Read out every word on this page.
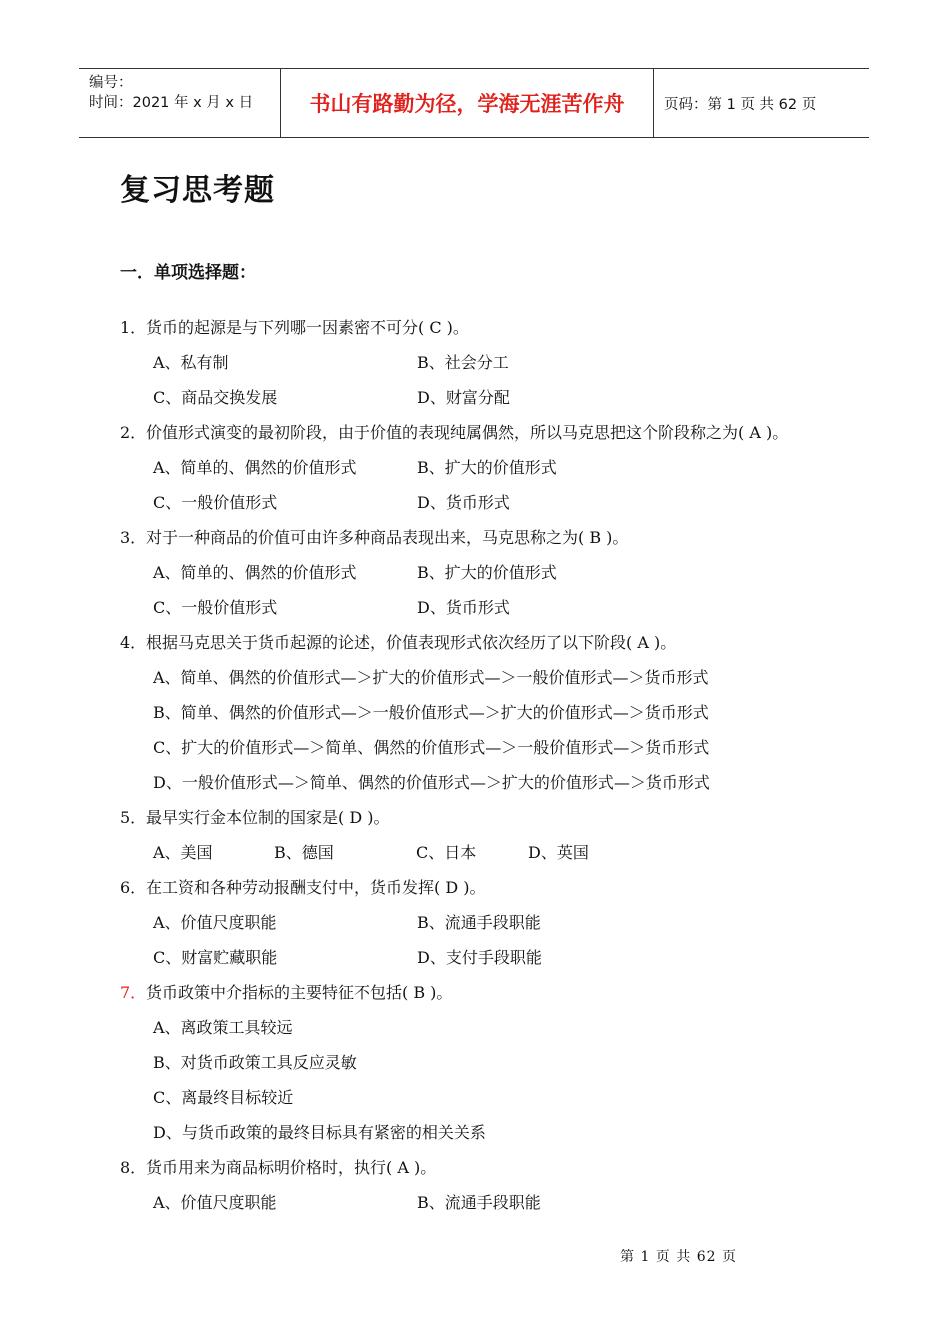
编号：
时间：2021 年 x 月 x 日	书山有路勤为径，学海无涯苦作舟	页码：第 1 页 共 62 页
复习思考题
一．单项选择题：
1．货币的起源是与下列哪一因素密不可分( C )。
A、私有制	B、社会分工
C、商品交换发展	D、财富分配
2．价值形式演变的最初阶段，由于价值的表现纯属偶然，所以马克思把这个阶段称之为( A )。
A、简单的、偶然的价值形式	B、扩大的价值形式
C、一般价值形式	D、货币形式
3．对于一种商品的价值可由许多种商品表现出来，马克思称之为( B )。
A、简单的、偶然的价值形式	B、扩大的价值形式
C、一般价值形式	D、货币形式
4．根据马克思关于货币起源的论述，价值表现形式依次经历了以下阶段( A )。
A、简单、偶然的价值形式—＞扩大的价值形式—＞一般价值形式—＞货币形式
B、简单、偶然的价值形式—＞一般价值形式—＞扩大的价值形式—＞货币形式
C、扩大的价值形式—＞简单、偶然的价值形式—＞一般价值形式—＞货币形式
D、一般价值形式—＞简单、偶然的价值形式—＞扩大的价值形式—＞货币形式
5．最早实行金本位制的国家是( D )。
A、美国	B、德国	C、日本	D、英国
6．在工资和各种劳动报酬支付中，货币发挥( D )。
A、价值尺度职能	B、流通手段职能
C、财富贮藏职能	D、支付手段职能
7．货币政策中介指标的主要特征不包括( B )。
A、离政策工具较远
B、对货币政策工具反应灵敏
C、离最终目标较近
D、与货币政策的最终目标具有紧密的相关关系
8．货币用来为商品标明价格时，执行( A )。
A、价值尺度职能	B、流通手段职能
第 1 页 共 62 页
